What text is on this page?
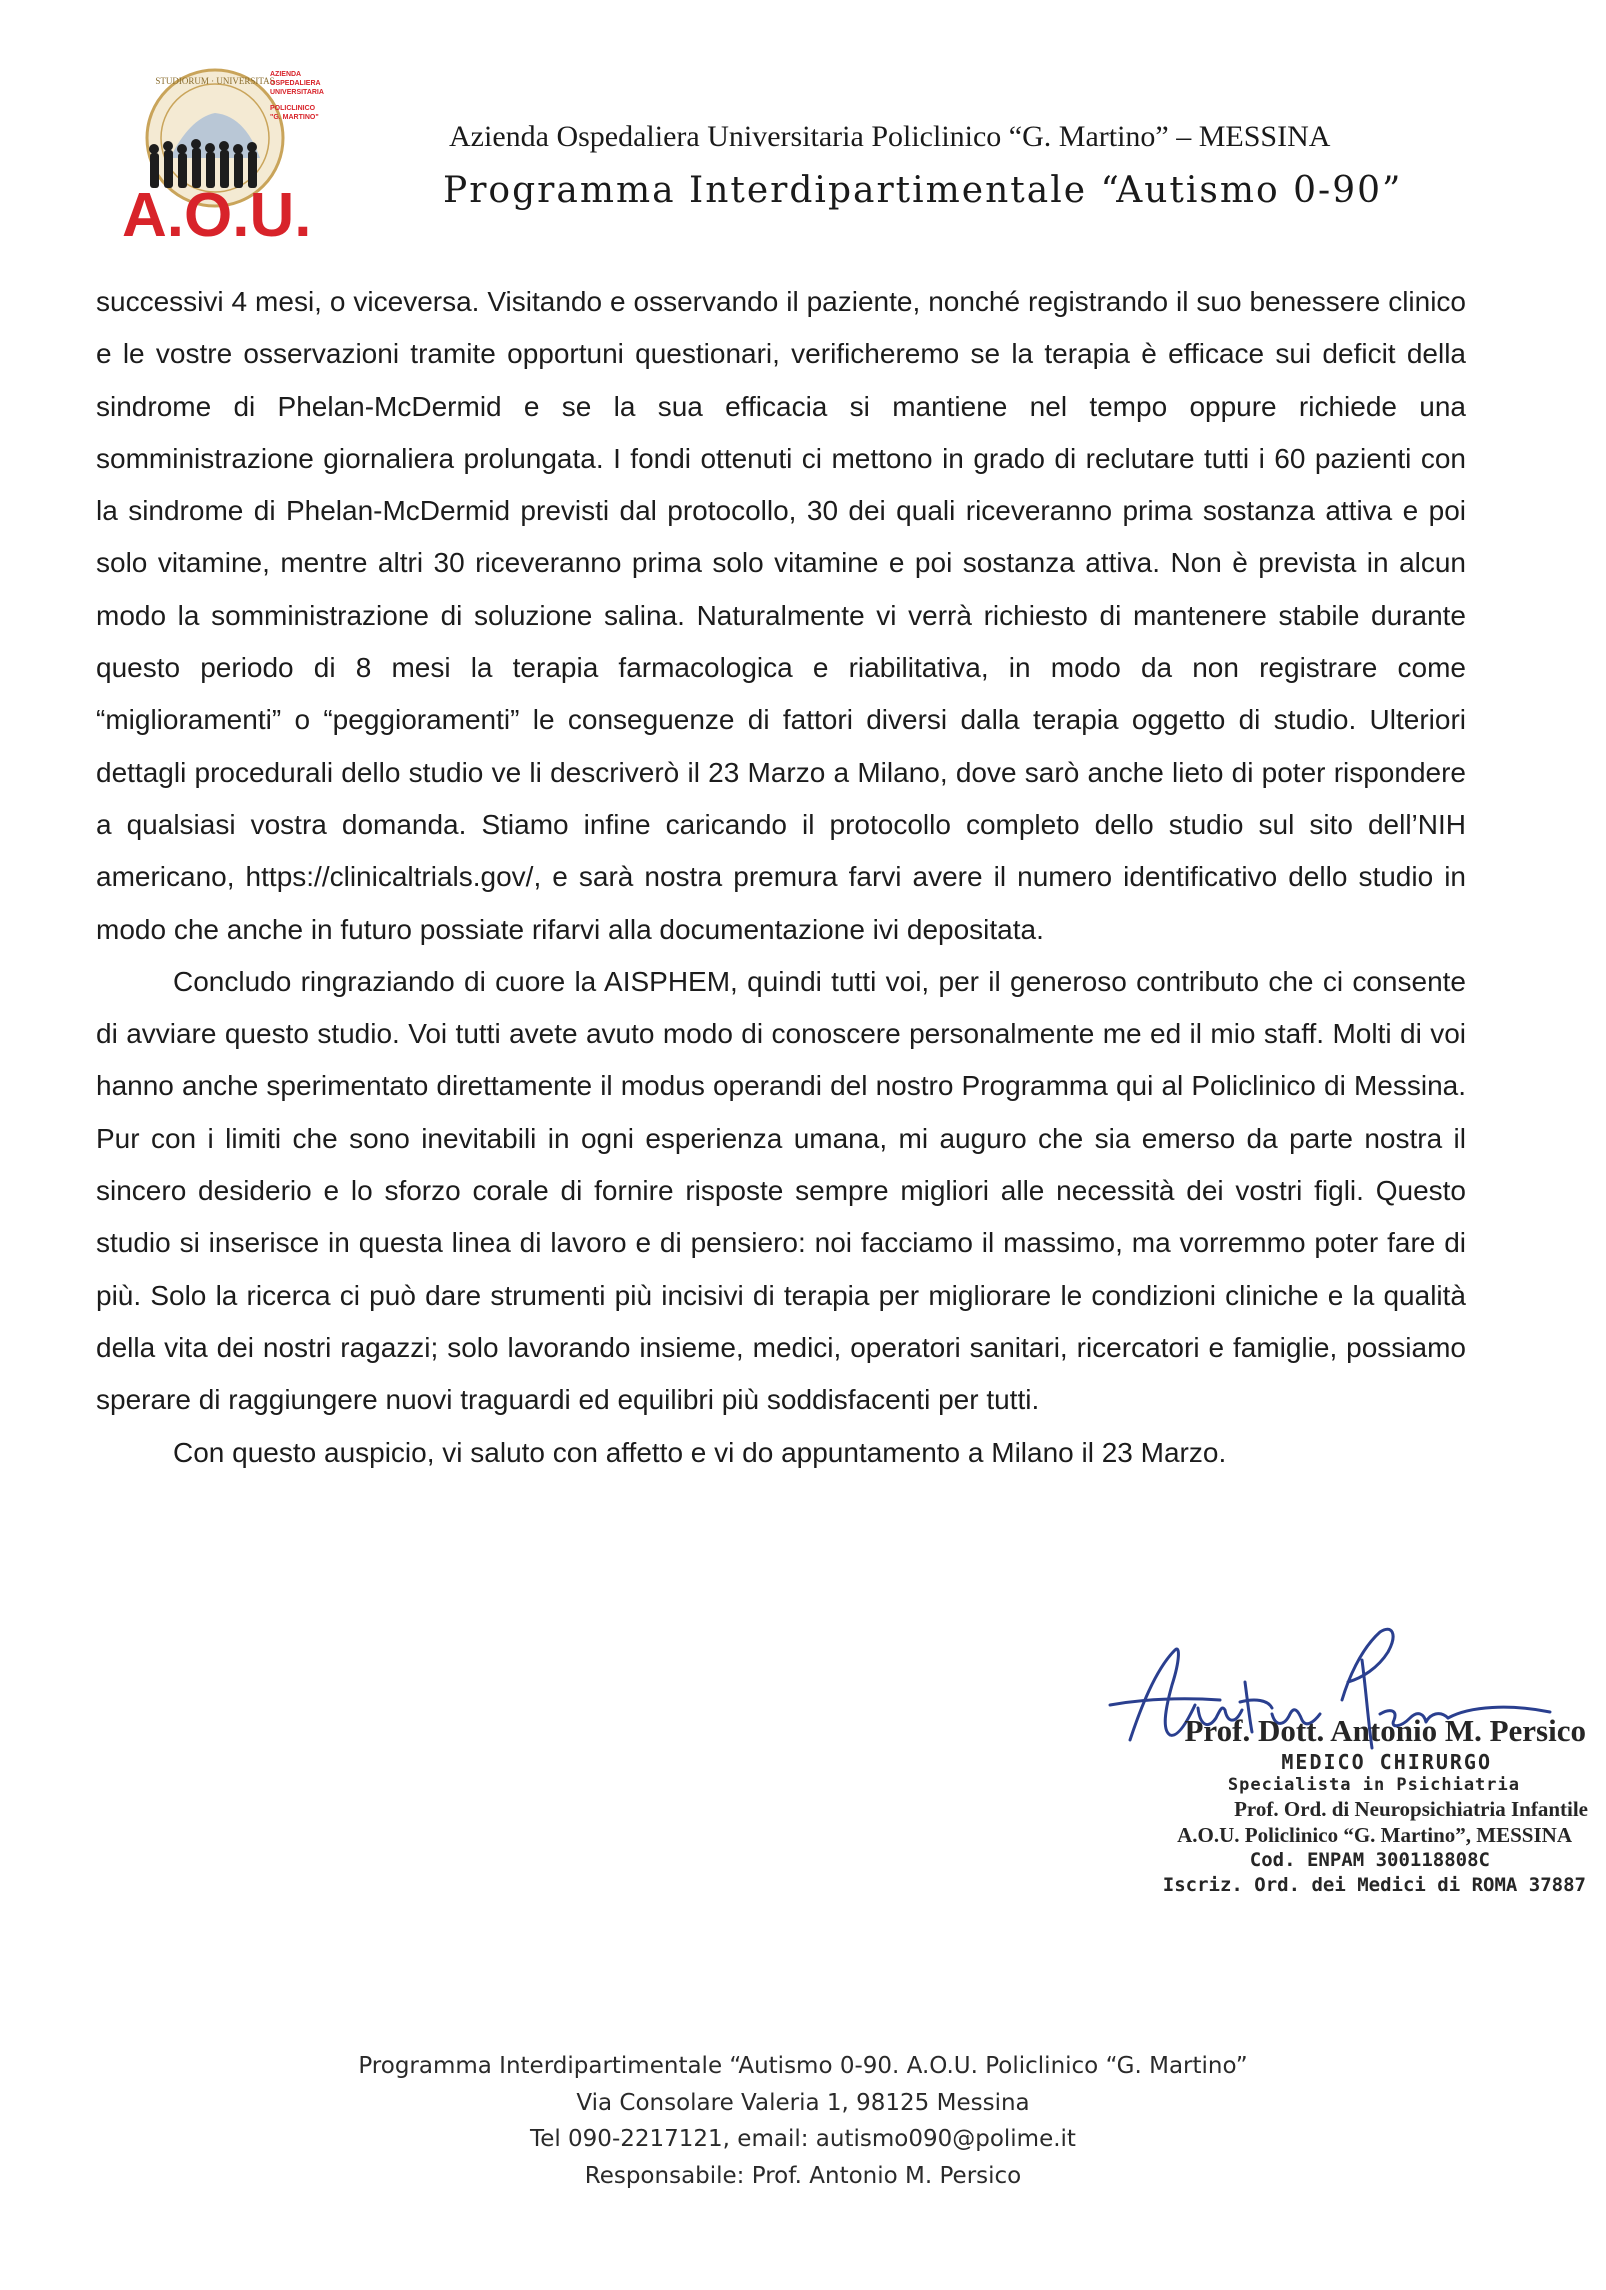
STUDIORUM · UNIVERSITAS
AZIENDA
OSPEDALIERA
UNIVERSITARIA
POLICLINICO
"G. MARTINO"
A.O.U.
Azienda Ospedaliera Universitaria Policlinico “G. Martino” – MESSINA
Programma Interdipartimentale “Autismo 0-90”

successivi 4 mesi, o viceversa. Visitando e osservando il paziente, nonché registrando il suo benessere clinico e le vostre osservazioni tramite opportuni questionari, verificheremo se la terapia è efficace sui deficit della sindrome di Phelan-McDermid e se la sua efficacia si mantiene nel tempo oppure richiede una somministrazione giornaliera prolungata. I fondi ottenuti ci mettono in grado di reclutare tutti i 60 pazienti con la sindrome di Phelan-McDermid previsti dal protocollo, 30 dei quali riceveranno prima sostanza attiva e poi solo vitamine, mentre altri 30 riceveranno prima solo vitamine e poi sostanza attiva. Non è prevista in alcun modo la somministrazione di soluzione salina. Naturalmente vi verrà richiesto di mantenere stabile durante questo periodo di 8 mesi la terapia farmacologica e riabilitativa, in modo da non registrare come “miglioramenti” o “peggioramenti” le conseguenze di fattori diversi dalla terapia oggetto di studio. Ulteriori dettagli procedurali dello studio ve li descriverò il 23 Marzo a Milano, dove sarò anche lieto di poter rispondere a qualsiasi vostra domanda. Stiamo infine caricando il protocollo completo dello studio sul sito dell’NIH americano, https://clinicaltrials.gov/, e sarà nostra premura farvi avere il numero identificativo dello studio in modo che anche in futuro possiate rifarvi alla documentazione ivi depositata.

Concludo ringraziando di cuore la AISPHEM, quindi tutti voi, per il generoso contributo che ci consente di avviare questo studio. Voi tutti avete avuto modo di conoscere personalmente me ed il mio staff. Molti di voi hanno anche sperimentato direttamente il modus operandi del nostro Programma qui al Policlinico di Messina. Pur con i limiti che sono inevitabili in ogni esperienza umana, mi auguro che sia emerso da parte nostra il sincero desiderio e lo sforzo corale di fornire risposte sempre migliori alle necessità dei vostri figli. Questo studio si inserisce in questa linea di lavoro e di pensiero: noi facciamo il massimo, ma vorremmo poter fare di più. Solo la ricerca ci può dare strumenti più incisivi di terapia per migliorare le condizioni cliniche e la qualità della vita dei nostri ragazzi; solo lavorando insieme, medici, operatori sanitari, ricercatori e famiglie, possiamo sperare di raggiungere nuovi traguardi ed equilibri più soddisfacenti per tutti.

Con questo auspicio, vi saluto con affetto e vi do appuntamento a Milano il 23 Marzo.

Prof. Dott. Antonio M. Persico
MEDICO CHIRURGO
Specialista in Psichiatria
Prof. Ord. di Neuropsichiatria Infantile
A.O.U. Policlinico “G. Martino”, MESSINA
Cod. ENPAM 300118808C
Iscriz. Ord. dei Medici di ROMA 37887
Programma Interdipartimentale “Autismo 0-90. A.O.U. Policlinico “G. Martino”
Via Consolare Valeria 1, 98125 Messina
Tel 090-2217121, email: autismo090@polime.it
Responsabile: Prof. Antonio M. Persico
